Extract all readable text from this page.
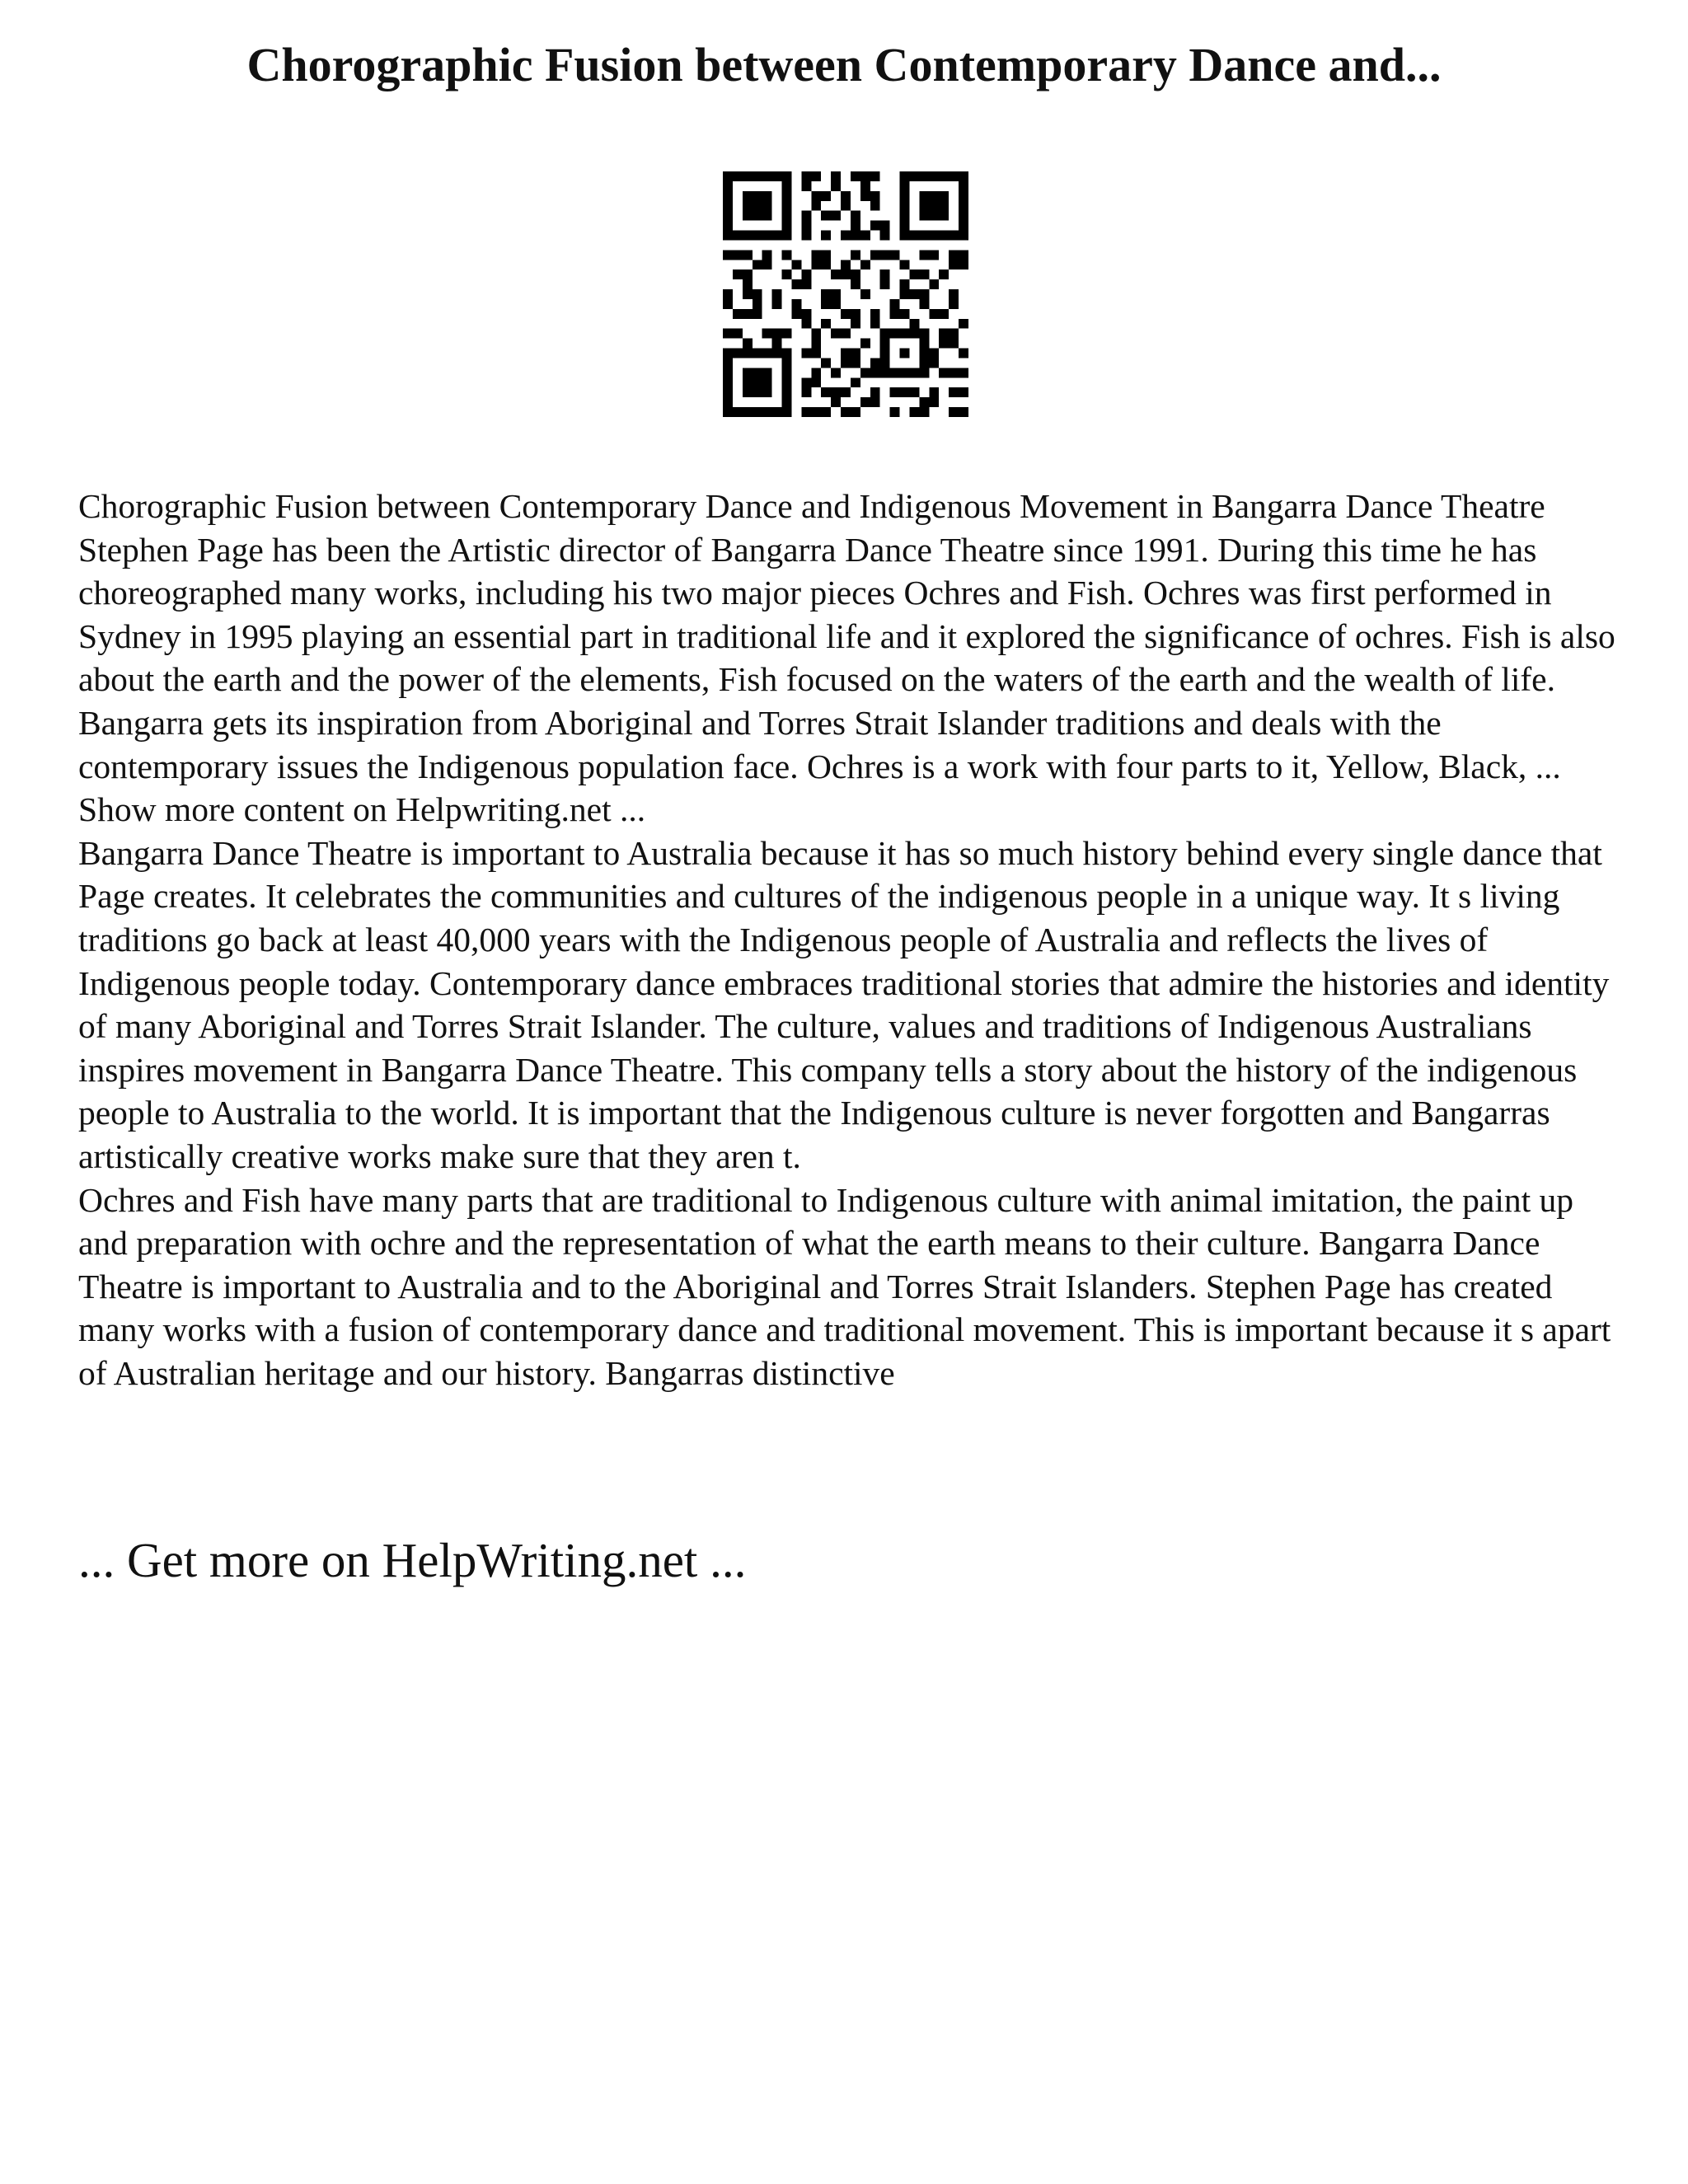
Chorographic Fusion between Contemporary Dance and...

Chorographic Fusion between Contemporary Dance and Indigenous Movement in Bangarra Dance Theatre

Stephen Page has been the Artistic director of Bangarra Dance Theatre since 1991. During this time he has choreographed many works, including his two major pieces Ochres and Fish. Ochres was first performed in Sydney in 1995 playing an essential part in traditional life and it explored the significance of ochres. Fish is also about the earth and the power of the elements, Fish focused on the waters of the earth and the wealth of life. Bangarra gets its inspiration from Aboriginal and Torres Strait Islander traditions and deals with the contemporary issues the Indigenous population face. Ochres is a work with four parts to it, Yellow, Black, ... Show more content on Helpwriting.net ...

Bangarra Dance Theatre is important to Australia because it has so much history behind every single dance that Page creates. It celebrates the communities and cultures of the indigenous people in a unique way. It s living traditions go back at least 40,000 years with the Indigenous people of Australia and reflects the lives of Indigenous people today. Contemporary dance embraces traditional stories that admire the histories and identity of many Aboriginal and Torres Strait Islander. The culture, values and traditions of Indigenous Australians inspires movement in Bangarra Dance Theatre. This company tells a story about the history of the indigenous people to Australia to the world. It is important that the Indigenous culture is never forgotten and Bangarras artistically creative works make sure that they aren t.

Ochres and Fish have many parts that are traditional to Indigenous culture with animal imitation, the paint up and preparation with ochre and the representation of what the earth means to their culture. Bangarra Dance Theatre is important to Australia and to the Aboriginal and Torres Strait Islanders. Stephen Page has created many works with a fusion of contemporary dance and traditional movement. This is important because it s apart of Australian heritage and our history. Bangarras distinctive

... Get more on HelpWriting.net ...
